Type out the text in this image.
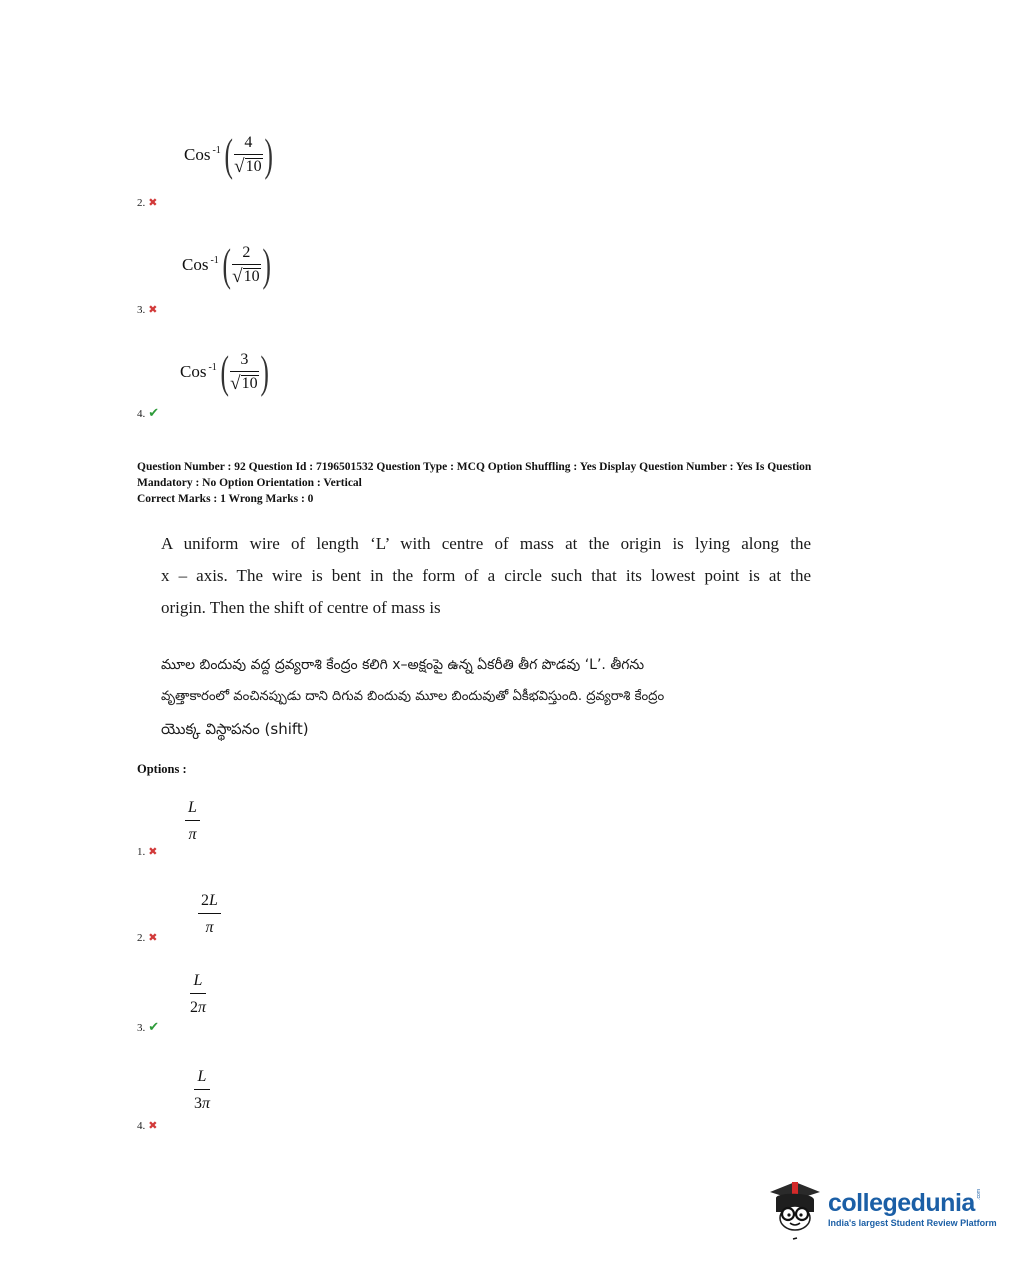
Cos$^{-1}$ ( $\frac{4}{√ 10}$ )
2. ✖
Cos$^{-1}$ ( $\frac{2}{√ 10}$ )
3. ✖
Cos$^{-1}$ ( $\frac{3}{√ 10}$ )
4. ✔
Question Number : 92 Question Id : 7196501532 Question Type : MCQ Option Shuffling : Yes Display Question Number : Yes Is Question
Mandatory : No Option Orientation : Vertical
Correct Marks : 1 Wrong Marks : 0

A uniform wire of length ‘L’ with centre of mass at the origin is lying along the

x – axis. The wire is bent in the form of a circle such that its lowest point is at the

origin. Then the shift of centre of mass is

మూల బిందువు వద్ద ద్రవ్యరాశి కేంద్రం కలిగి x–అక్షంపై ఉన్న ఏకరీతి తీగ పొడవు ‘L’. తీగను

వృత్తాకారంలో వంచినప్పుడు దాని దిగువ బిందువు మూల బిందువుతో ఏకీభవిస్తుంది. ద్రవ్యరాశి కేంద్రం

యొక్క విస్థాపనం (shift)

Options :
$\frac{L}{\pi}$
1. ✖
$\frac{2L}{\pi}$
2. ✖
$\frac{L}{2\pi}$
3. ✔
$\frac{L}{3\pi}$
4. ✖
collegedunia .com
India's largest Student Review Platform
